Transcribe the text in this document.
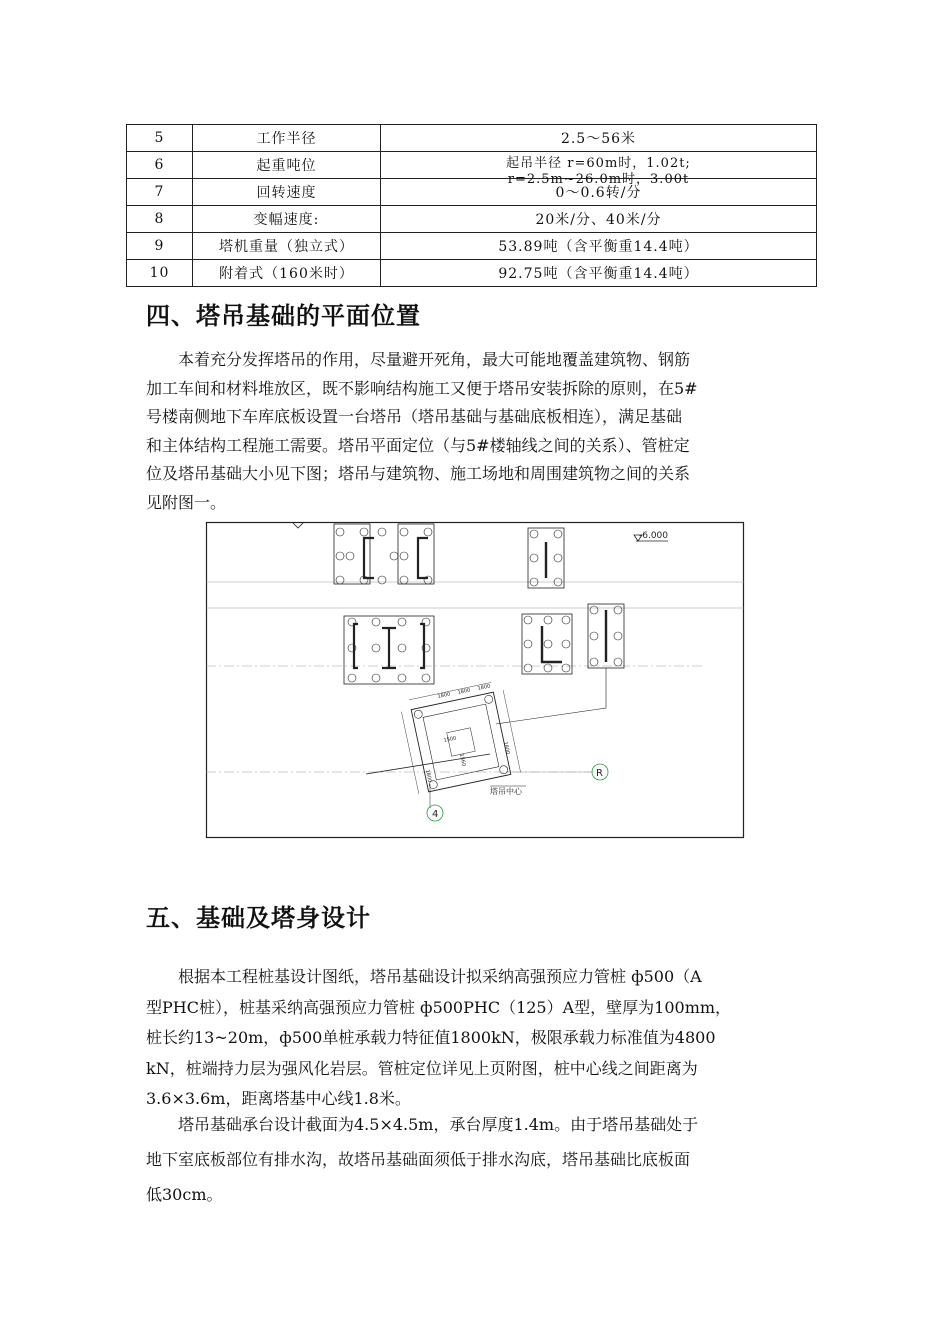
5	工作半径	2.5～56米
6	起重吨位	起吊半径 r=60m时，1.02t;
r=2.5m~26.0m时，3.00t

7	回转速度	0～0.6转/分
8	变幅速度:	20米/分、40米/分
9	塔机重量（独立式）	53.89吨（含平衡重14.4吨）
10	附着式（160米时）	92.75吨（含平衡重14.4吨）
四、塔吊基础的平面位置
本着充分发挥塔吊的作用，尽量避开死角，最大可能地覆盖建筑物、钢筋
加工车间和材料堆放区，既不影响结构施工又便于塔吊安装拆除的原则，在5#
号楼南侧地下车库底板设置一台塔吊（塔吊基础与基础底板相连），满足基础
和主体结构工程施工需要。塔吊平面定位（与5#楼轴线之间的关系）、管桩定
位及塔吊基础大小见下图；塔吊与建筑物、施工场地和周围建筑物之间的关系
见附图一。
-6.000
R
4
塔吊中心
1800 1800 1800
1800
1500
1560
1800
五、基础及塔身设计
根据本工程桩基设计图纸，塔吊基础设计拟采纳高强预应力管桩 ф500（A
型PHC桩），桩基采纳高强预应力管桩 ф500PHC（125）A型，壁厚为100mm，
桩长约13~20m，ф500单桩承载力特征值1800kN，极限承载力标准值为4800
kN，桩端持力层为强风化岩层。管桩定位详见上页附图，桩中心线之间距离为
3.6×3.6m，距离塔基中心线1.8米。
塔吊基础承台设计截面为4.5×4.5m，承台厚度1.4m。由于塔吊基础处于
地下室底板部位有排水沟，故塔吊基础面须低于排水沟底，塔吊基础比底板面
低30cm。
